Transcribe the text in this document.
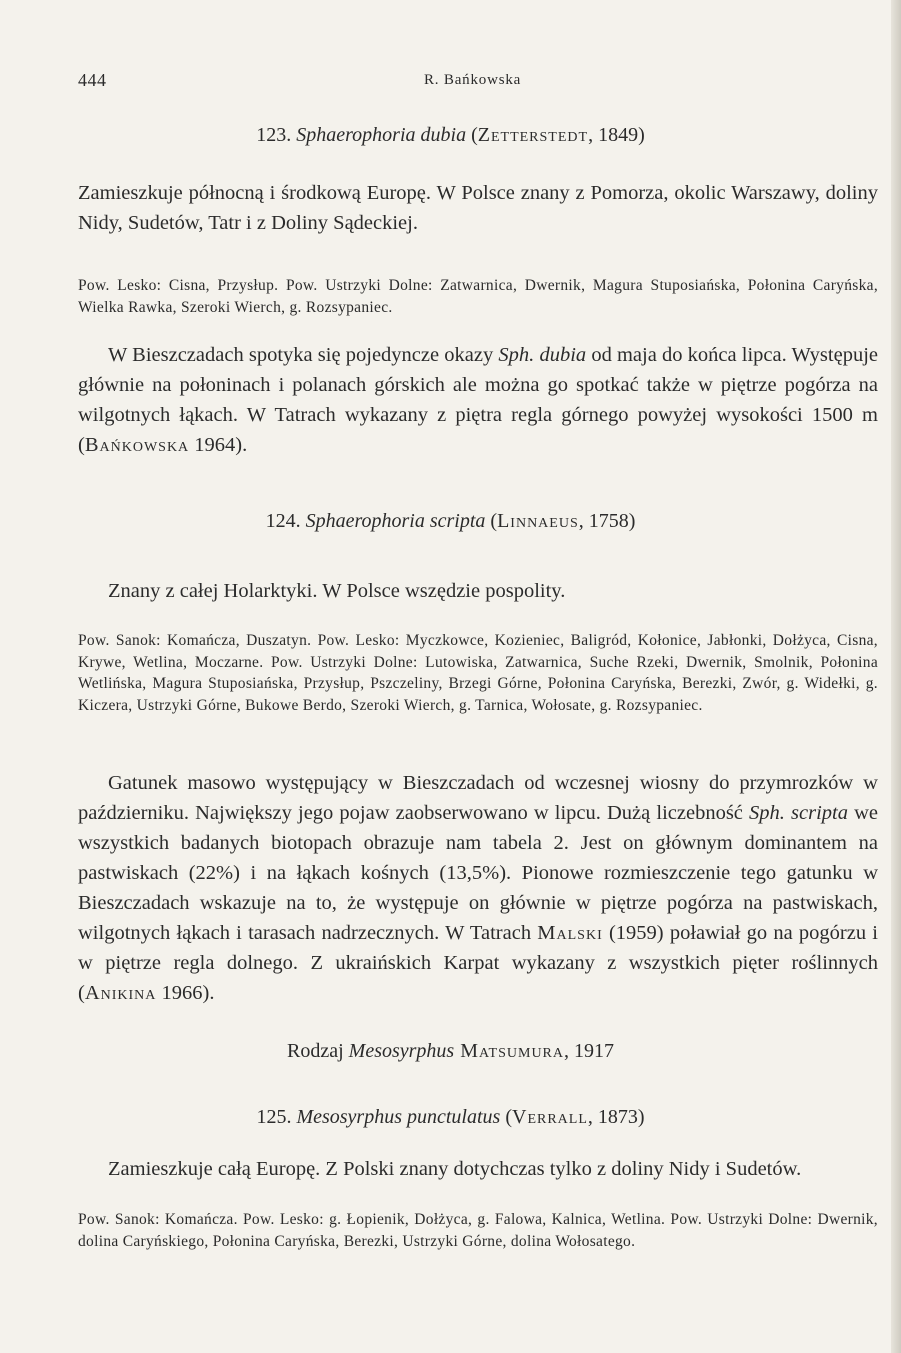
444	R. Bańkowska
123. Sphaerophoria dubia (Zetterstedt, 1849)

Zamieszkuje północną i środkową Europę. W Polsce znany z Pomorza, okolic Warszawy, doliny Nidy, Sudetów, Tatr i z Doliny Sądeckiej.

Pow. Lesko: Cisna, Przysłup. Pow. Ustrzyki Dolne: Zatwarnica, Dwernik, Magura Stuposiańska, Połonina Caryńska, Wielka Rawka, Szeroki Wierch, g. Rozsypaniec.

W Bieszczadach spotyka się pojedyncze okazy Sph. dubia od maja do końca lipca. Występuje głównie na połoninach i polanach górskich ale można go spotkać także w piętrze pogórza na wilgotnych łąkach. W Tatrach wykazany z piętra regla górnego powyżej wysokości 1500 m (Bańkowska 1964).

124. Sphaerophoria scripta (Linnaeus, 1758)

Znany z całej Holarktyki. W Polsce wszędzie pospolity.

Pow. Sanok: Komańcza, Duszatyn. Pow. Lesko: Myczkowce, Kozieniec, Baligród, Kołonice, Jabłonki, Dołżyca, Cisna, Krywe, Wetlina, Moczarne. Pow. Ustrzyki Dolne: Lutowiska, Zatwarnica, Suche Rzeki, Dwernik, Smolnik, Połonina Wetlińska, Magura Stuposiańska, Przysłup, Pszczeliny, Brzegi Górne, Połonina Caryńska, Berezki, Zwór, g. Widełki, g. Kiczera, Ustrzyki Górne, Bukowe Berdo, Szeroki Wierch, g. Tarnica, Wołosate, g. Rozsypaniec.

Gatunek masowo występujący w Bieszczadach od wczesnej wiosny do przymrozków w październiku. Największy jego pojaw zaobserwowano w lipcu. Dużą liczebność Sph. scripta we wszystkich badanych biotopach obrazuje nam tabela 2. Jest on głównym dominantem na pastwiskach (22%) i na łąkach kośnych (13,5%). Pionowe rozmieszczenie tego gatunku w Bieszczadach wskazuje na to, że występuje on głównie w piętrze pogórza na pastwiskach, wilgotnych łąkach i tarasach nadrzecznych. W Tatrach Malski (1959) poławiał go na pogórzu i w piętrze regla dolnego. Z ukraińskich Karpat wykazany z wszystkich pięter roślinnych (Anikina 1966).

Rodzaj Mesosyrphus Matsumura, 1917
125. Mesosyrphus punctulatus (Verrall, 1873)

Zamieszkuje całą Europę. Z Polski znany dotychczas tylko z doliny Nidy i Sudetów.

Pow. Sanok: Komańcza. Pow. Lesko: g. Łopienik, Dołżyca, g. Falowa, Kalnica, Wetlina. Pow. Ustrzyki Dolne: Dwernik, dolina Caryńskiego, Połonina Caryńska, Berezki, Ustrzyki Górne, dolina Wołosatego.
